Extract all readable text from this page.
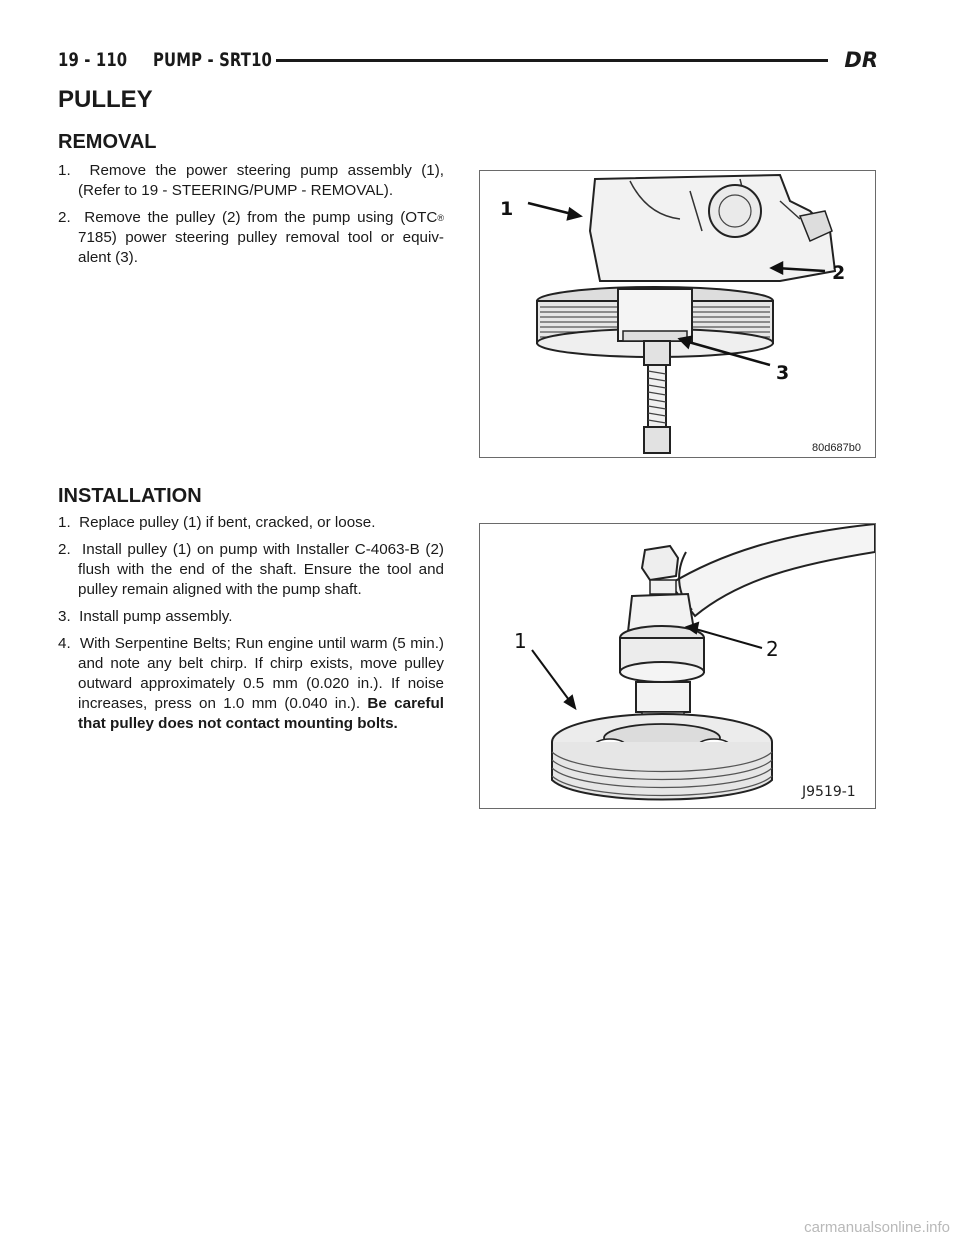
19 - 110 PUMP - SRT10	DR
PULLEY
REMOVAL
1. Remove the power steering pump assembly (1), (Refer to 19 - STEERING/PUMP - REMOVAL).
2. Remove the pulley (2) from the pump using (OTC® 7185) power steering pulley removal tool or equiv-alent (3).
1
2
3
80d687b0
INSTALLATION
1. Replace pulley (1) if bent, cracked, or loose.
2. Install pulley (1) on pump with Installer C-4063-B (2) flush with the end of the shaft. Ensure the tool and pulley remain aligned with the pump shaft.
3. Install pump assembly.
4. With Serpentine Belts; Run engine until warm (5 min.) and note any belt chirp. If chirp exists, move pulley outward approximately 0.5 mm (0.020 in.). If noise increases, press on 1.0 mm (0.040 in.). Be careful that pulley does not contact mounting bolts.
1	2
J9519-1
carmanualsonline.info
